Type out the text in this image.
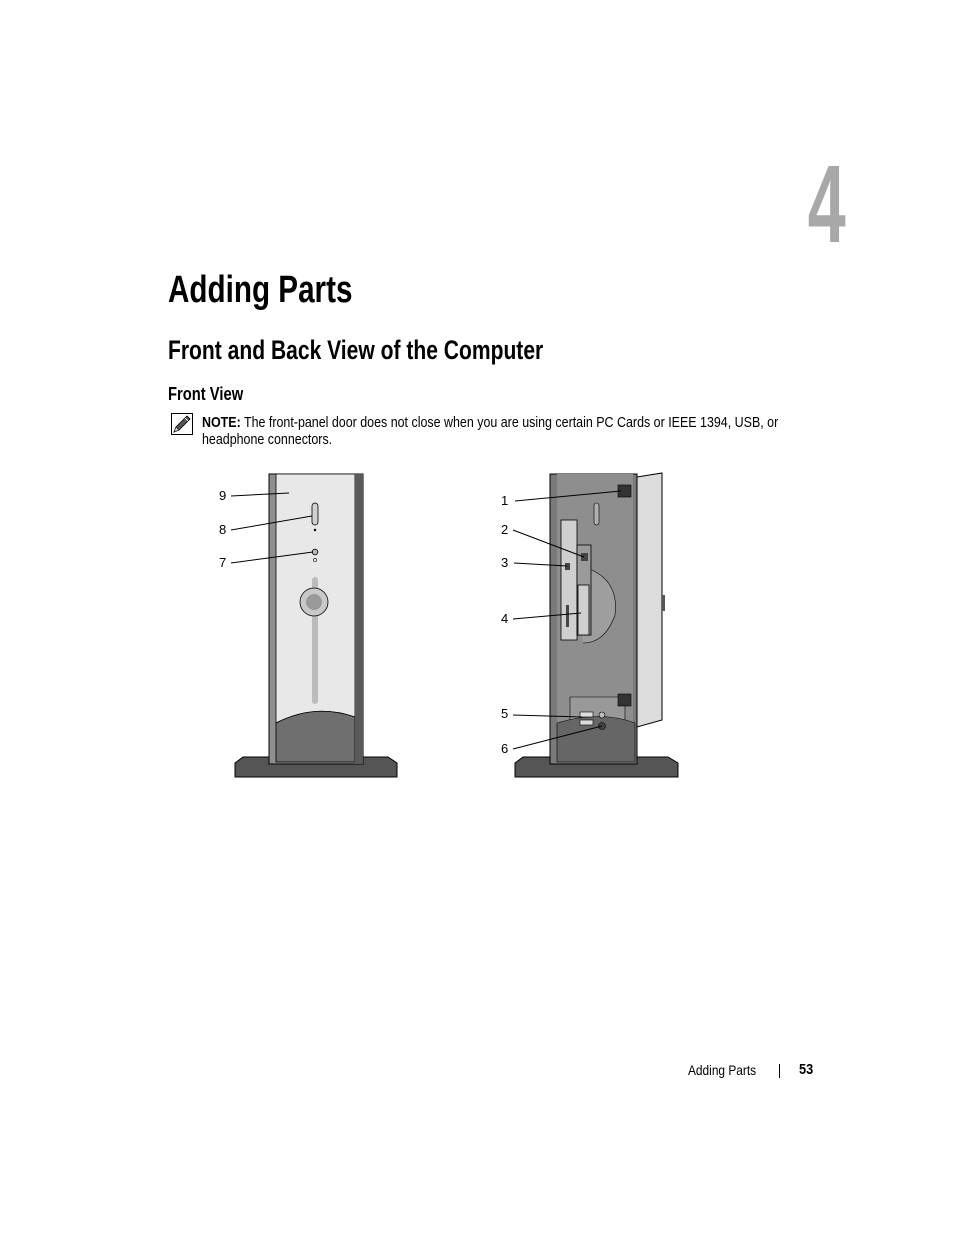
4
Adding Parts
Front and Back View of the Computer
Front View
NOTE: The front-panel door does not close when you are using certain PC Cards or IEEE 1394, USB, or headphone connectors.
9
8
7
1
2
3
4
5
6
Adding Parts	53
